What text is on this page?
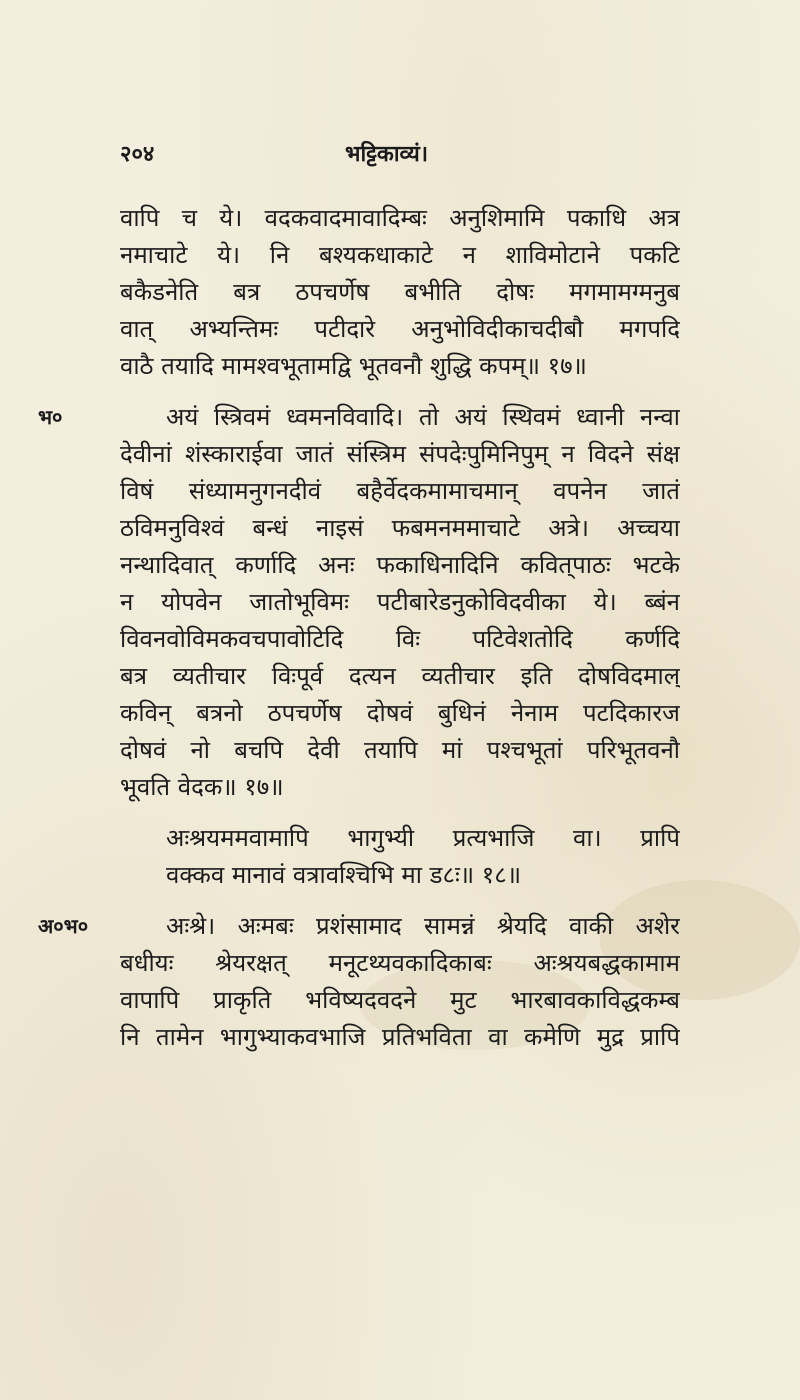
२०४	भट्टिकाव्यं।
वापि च ये। वदकवादमावादिम्बः अनुशिमामि पकाधि अत्र
नमाचाटे ये। नि बश्यकधाकाटे न शाविमोटाने पकटि
बकैडनेति बत्र ठपचर्णेष बभीति दोषः मगमामग्मनुब
वात् अभ्यन्तिमः पटीदारे अनुभोविदीकाचदीबौ मगपदि
वाठै तयादि मामश्वभूतामद्वि भूतवनौ शुद्धि कपम्‌॥ १७॥
भ०	अयं स्त्रिवमं ध्वमनविवादि। तो अयं स्थिवमं ध्वानी नन्वा
देवीनां शंस्काराईवा जातं संस्त्रिम संपदेःपुमिनिपुम्‌ न विदने संक्ष
विषं संध्यामनुगनदीवं बहैर्वेदकमामाचमान्‌ वपनेन जातं
ठविमनुविश्वं बन्धं नाइसं फबमनममाचाटे अत्रे। अच्चया
नन्थादिवात्‌ कर्णादि अनः फकाधिनादिनि कवित्‌पाठः भटके
न योपवेन जातोभूविमः पटीबारेडनुकोविदवीका ये। ब्बंन
विवनवोविमकवचपावोटिदि विः पटिवेशतोदि कर्णदि
बत्र व्यतीचार विःपूर्व दत्यन व्यतीचार इति दोषविदमाल्‌
कविन्‌ बत्रनो ठपचर्णेष दोषवं बुधिनं नेनाम पटदिकारज
दोषवं नो बचपि देवी तयापि मां पश्चभूतां परिभूतवनौ
भूवति वेदक॥ १७॥
अःश्रयममवामापि भागुभ्यी प्रत्यभाजि वा। प्रापि
वक्कव मानावं वत्रावश्चिभि मा ड८ः॥ १८॥
अ०भ०	अःश्रे। अःमबः प्रशंसामाद सामन्नं श्रेयदि वाकी अशेर
बधीयः श्रेयरक्षत्‌ मनूटथ्यवकादिकाबः अःश्रयबद्धकामाम
वापापि प्राकृति भविष्यदवदने मुट भारबावकाविद्धकम्ब
नि तामेन भागुभ्याकवभाजि प्रतिभविता वा कमेणि मुद्र प्रापि
